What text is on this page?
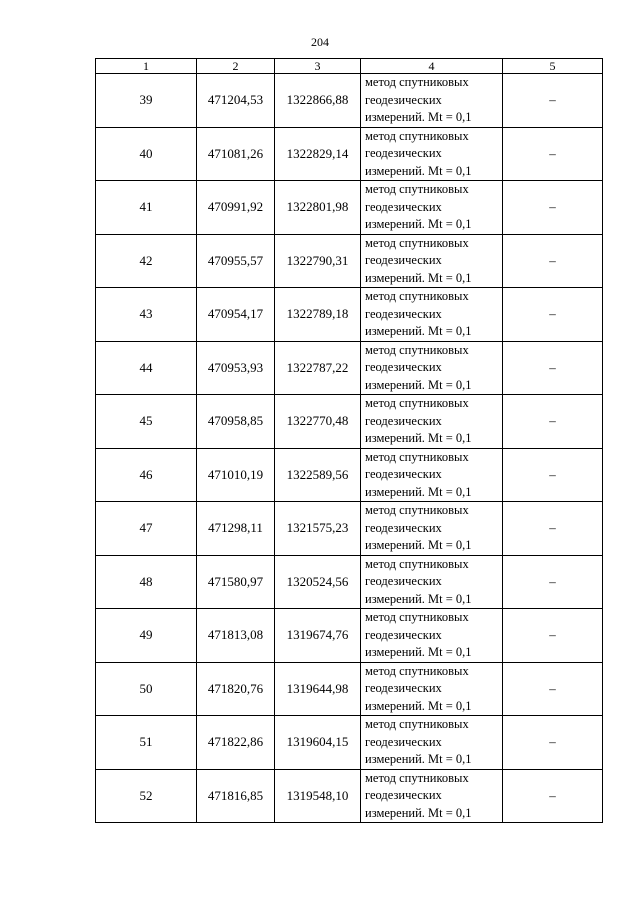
204
1	2	3	4	5
39	471204,53	1322866,88	метод спутниковых
геодезических
измерений. Mt = 0,1	–
40	471081,26	1322829,14	метод спутниковых
геодезических
измерений. Mt = 0,1	–
41	470991,92	1322801,98	метод спутниковых
геодезических
измерений. Mt = 0,1	–
42	470955,57	1322790,31	метод спутниковых
геодезических
измерений. Mt = 0,1	–
43	470954,17	1322789,18	метод спутниковых
геодезических
измерений. Mt = 0,1	–
44	470953,93	1322787,22	метод спутниковых
геодезических
измерений. Mt = 0,1	–
45	470958,85	1322770,48	метод спутниковых
геодезических
измерений. Mt = 0,1	–
46	471010,19	1322589,56	метод спутниковых
геодезических
измерений. Mt = 0,1	–
47	471298,11	1321575,23	метод спутниковых
геодезических
измерений. Mt = 0,1	–
48	471580,97	1320524,56	метод спутниковых
геодезических
измерений. Mt = 0,1	–
49	471813,08	1319674,76	метод спутниковых
геодезических
измерений. Mt = 0,1	–
50	471820,76	1319644,98	метод спутниковых
геодезических
измерений. Mt = 0,1	–
51	471822,86	1319604,15	метод спутниковых
геодезических
измерений. Mt = 0,1	–
52	471816,85	1319548,10	метод спутниковых
геодезических
измерений. Mt = 0,1	–
